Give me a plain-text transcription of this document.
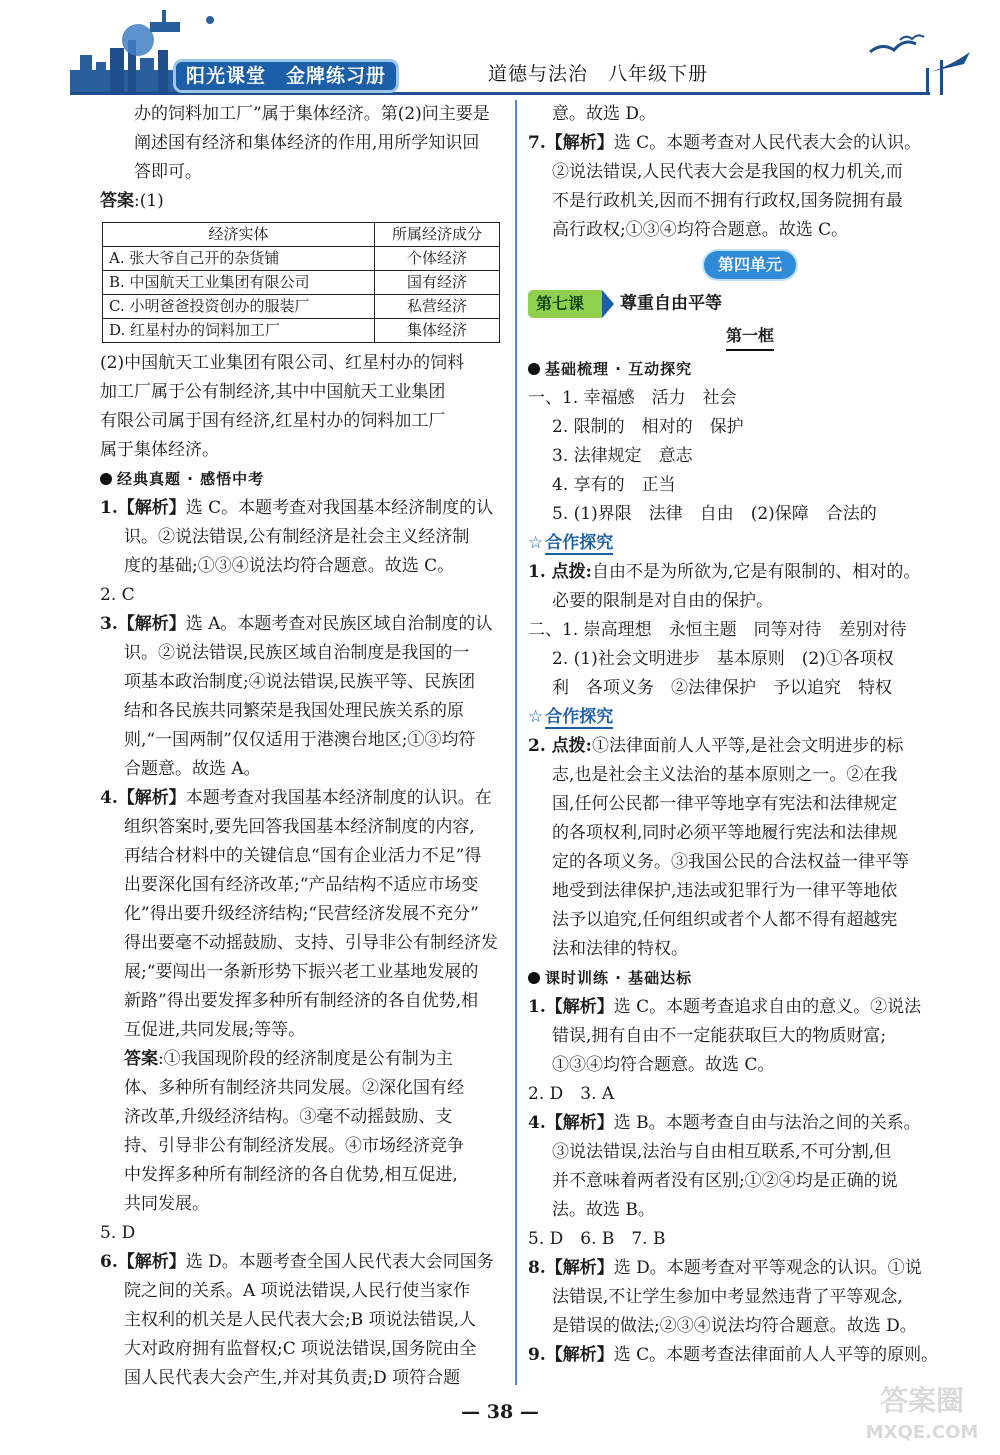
阳光课堂　金牌练习册	道德与法治　八年级下册

办的饲料加工厂”属于集体经济。第(2)问主要是

阐述国有经济和集体经济的作用,用所学知识回

答即可。

答案:(1)

经济实体	所属经济成分
A. 张大爷自己开的杂货铺	个体经济
B. 中国航天工业集团有限公司	国有经济
C. 小明爸爸投资创办的服装厂	私营经济
D. 红星村办的饲料加工厂	集体经济

(2)中国航天工业集团有限公司、红星村办的饲料

加工厂属于公有制经济,其中中国航天工业集团

有限公司属于国有经济,红星村办的饲料加工厂

属于集体经济。

经典真题 · 感悟中考

1.【解析】选 C。本题考查对我国基本经济制度的认

识。②说法错误,公有制经济是社会主义经济制

度的基础;①③④说法均符合题意。故选 C。

2. C

3.【解析】选 A。本题考查对民族区域自治制度的认

识。②说法错误,民族区域自治制度是我国的一

项基本政治制度;④说法错误,民族平等、民族团

结和各民族共同繁荣是我国处理民族关系的原

则,“一国两制”仅仅适用于港澳台地区;①③均符

合题意。故选 A。

4.【解析】本题考查对我国基本经济制度的认识。在

组织答案时,要先回答我国基本经济制度的内容,

再结合材料中的关键信息“国有企业活力不足”得

出要深化国有经济改革;“产品结构不适应市场变

化”得出要升级经济结构;“民营经济发展不充分”

得出要毫不动摇鼓励、支持、引导非公有制经济发

展;“要闯出一条新形势下振兴老工业基地发展的

新路”得出要发挥多种所有制经济的各自优势,相

互促进,共同发展;等等。

答案:①我国现阶段的经济制度是公有制为主

体、多种所有制经济共同发展。②深化国有经

济改革,升级经济结构。③毫不动摇鼓励、支

持、引导非公有制经济发展。④市场经济竞争

中发挥多种所有制经济的各自优势,相互促进,

共同发展。

5. D

6.【解析】选 D。本题考查全国人民代表大会同国务

院之间的关系。A 项说法错误,人民行使当家作

主权利的机关是人民代表大会;B 项说法错误,人

大对政府拥有监督权;C 项说法错误,国务院由全

国人民代表大会产生,并对其负责;D 项符合题

意。故选 D。

7.【解析】选 C。本题考查对人民代表大会的认识。

②说法错误,人民代表大会是我国的权力机关,而

不是行政机关,因而不拥有行政权,国务院拥有最

高行政权;①③④均符合题意。故选 C。

第四单元
第七课 尊重自由平等
第一框

基础梳理 · 互动探究

一、1. 幸福感　活力　社会

2. 限制的　相对的　保护

3. 法律规定　意志

4. 享有的　正当

5. (1)界限　法律　自由　(2)保障　合法的

☆ 合作探究

1. 点拨:自由不是为所欲为,它是有限制的、相对的。

必要的限制是对自由的保护。

二、1. 崇高理想　永恒主题　同等对待　差别对待

2. (1)社会文明进步　基本原则　(2)①各项权

利　各项义务　②法律保护　予以追究　特权

☆ 合作探究

2. 点拨:①法律面前人人平等,是社会文明进步的标

志,也是社会主义法治的基本原则之一。②在我

国,任何公民都一律平等地享有宪法和法律规定

的各项权利,同时必须平等地履行宪法和法律规

定的各项义务。③我国公民的合法权益一律平等

地受到法律保护,违法或犯罪行为一律平等地依

法予以追究,任何组织或者个人都不得有超越宪

法和法律的特权。

课时训练 · 基础达标

1.【解析】选 C。本题考查追求自由的意义。②说法

错误,拥有自由不一定能获取巨大的物质财富;

①③④均符合题意。故选 C。

2. D　3. A

4.【解析】选 B。本题考查自由与法治之间的关系。

③说法错误,法治与自由相互联系,不可分割,但

并不意味着两者没有区别;①②④均是正确的说

法。故选 B。

5. D　6. B　7. B

8.【解析】选 D。本题考查对平等观念的认识。①说

法错误,不让学生参加中考显然违背了平等观念,

是错误的做法;②③④说法均符合题意。故选 D。

9.【解析】选 C。本题考查法律面前人人平等的原则。

— 38 —	答案圈
MXQE.COM
